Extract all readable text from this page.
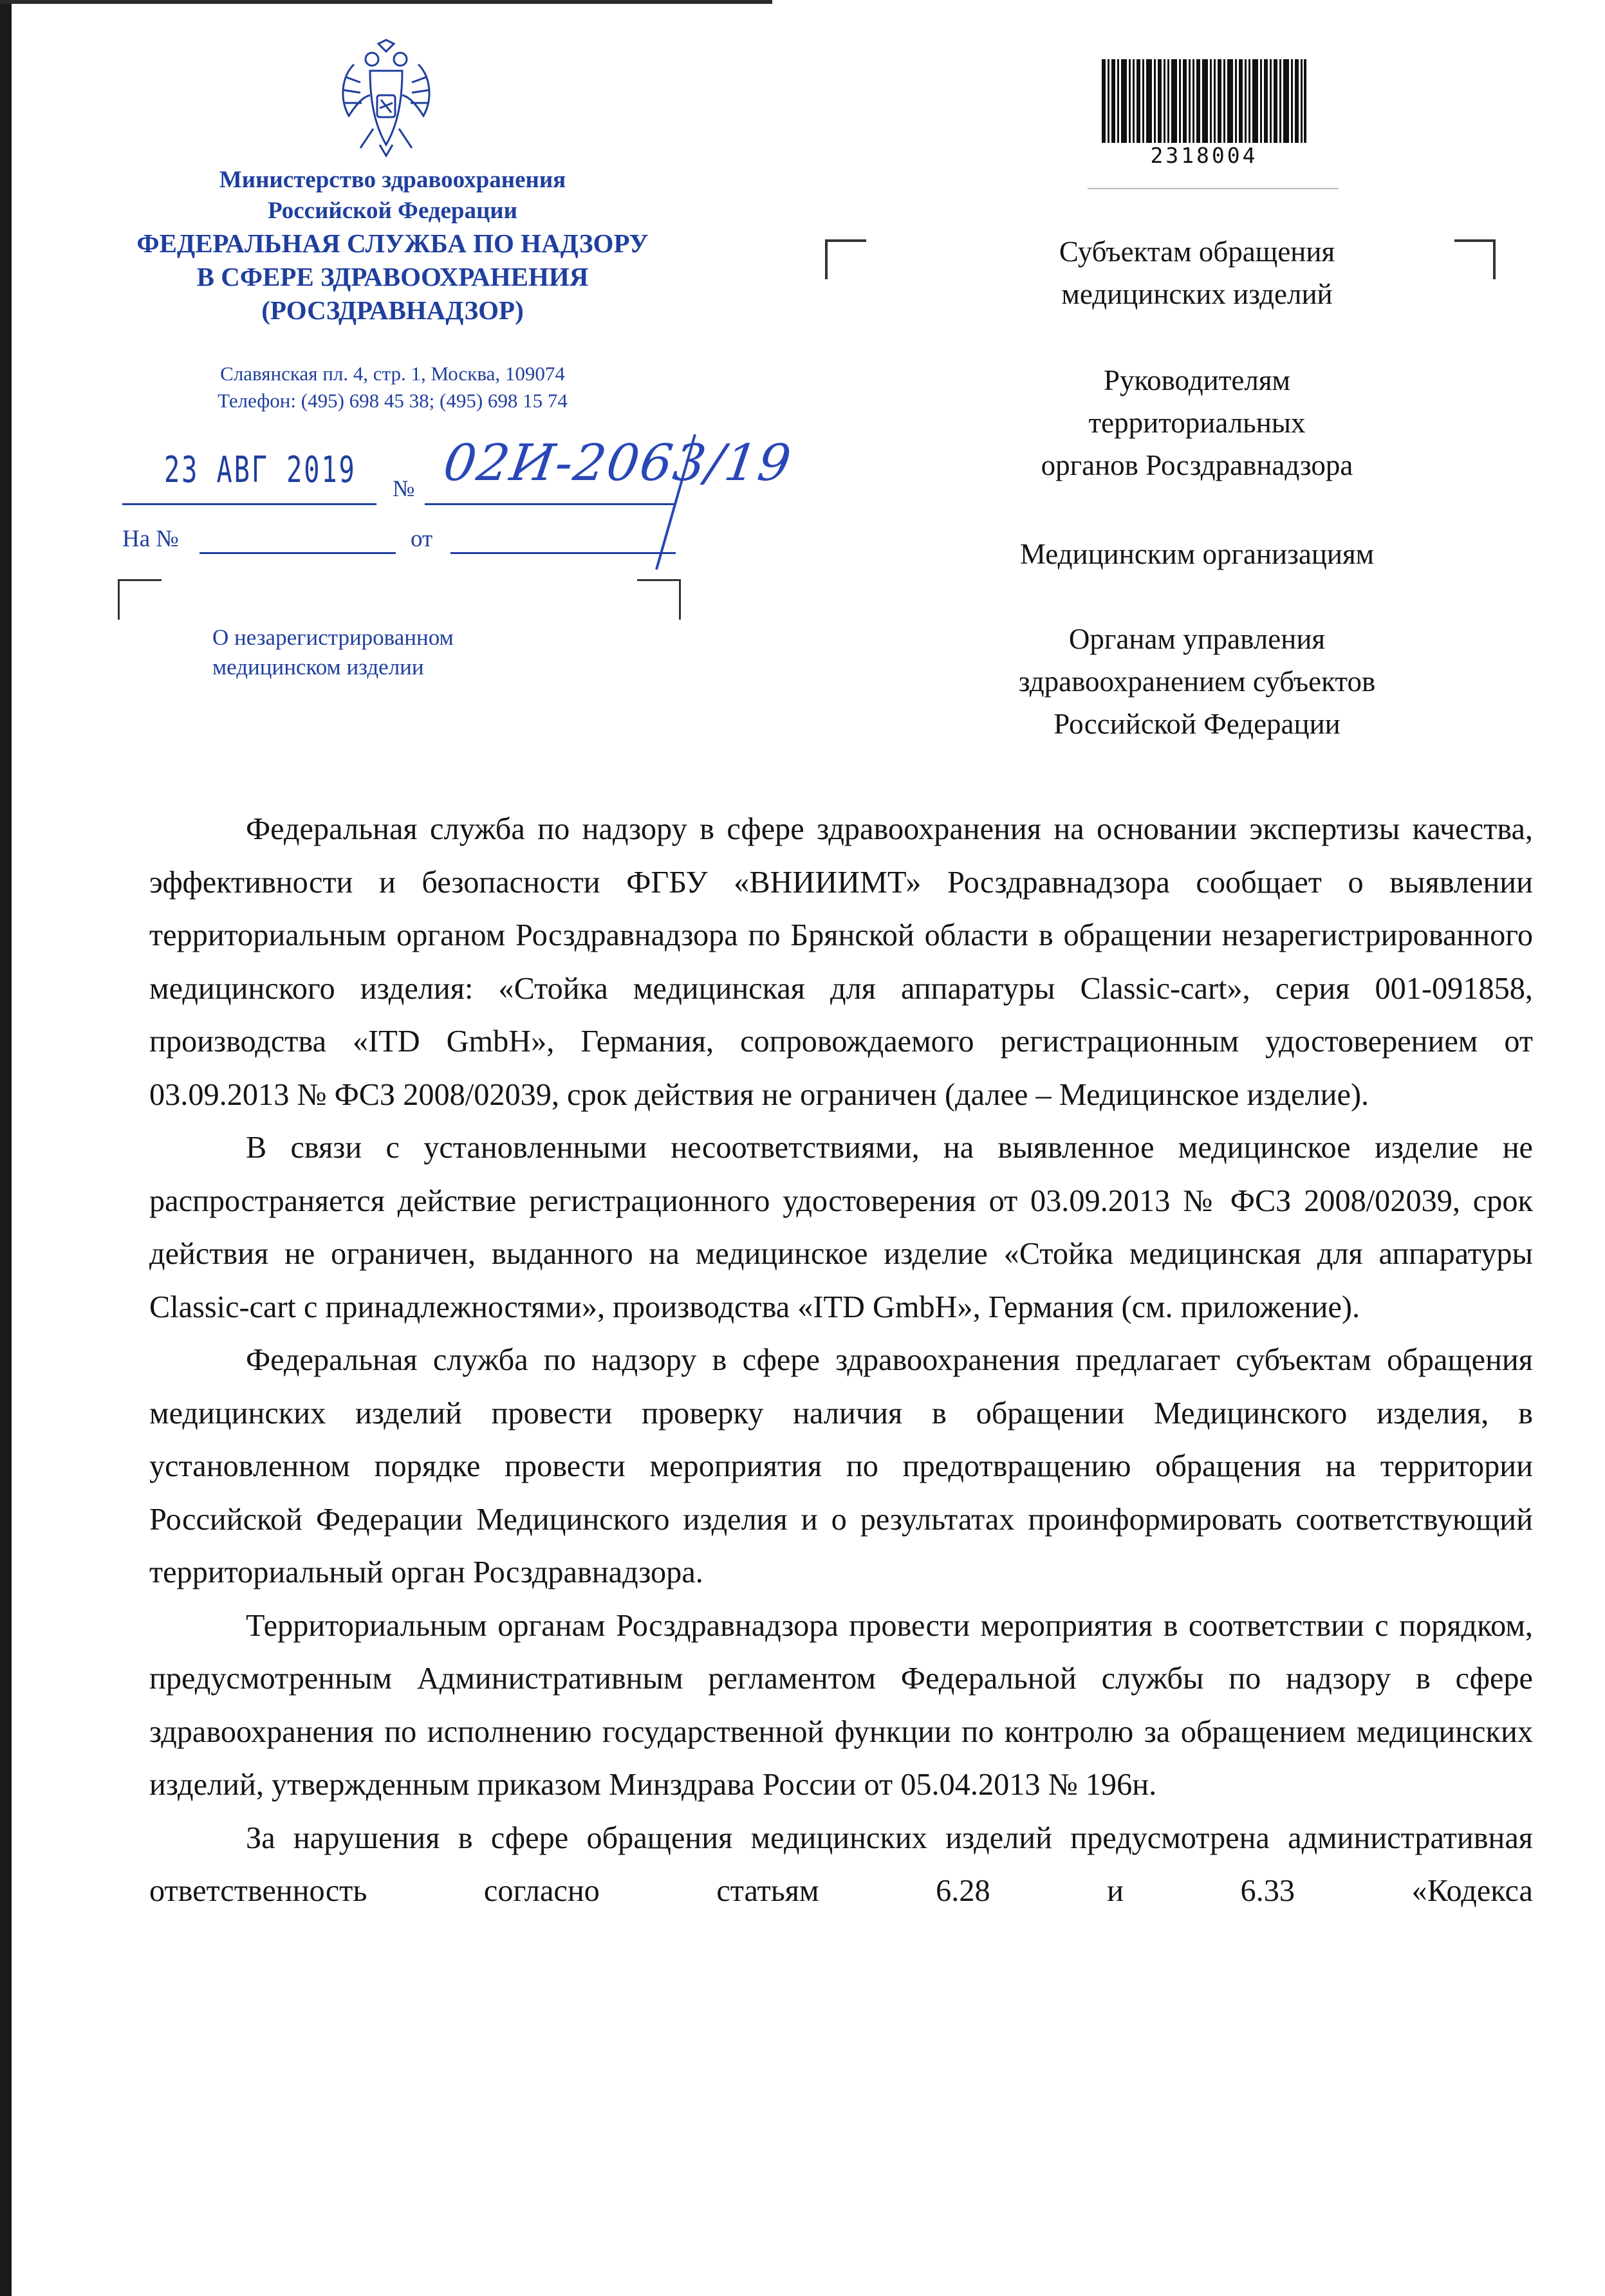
Министерство здравоохранения
Российской Федерации
ФЕДЕРАЛЬНАЯ СЛУЖБА ПО НАДЗОРУ
В СФЕРЕ ЗДРАВООХРАНЕНИЯ
(РОСЗДРАВНАДЗОР)
Славянская пл. 4, стр. 1, Москва, 109074
Телефон: (495) 698 45 38; (495) 698 15 74
23 АВГ 2019 № 02И-2063/19
На №	от
О незарегистрированном
медицинском изделии
2318004
Субъектам обращения
медицинских изделий
Руководителям
территориальных
органов Росздравнадзора
Медицинским организациям
Органам управления
здравоохранением субъектов
Российской Федерации

Федеральная служба по надзору в сфере здравоохранения на основании экспертизы качества, эффективности и безопасности ФГБУ «ВНИИИМТ» Росздравнадзора сообщает о выявлении территориальным органом Росздравнадзора по Брянской области в обращении незарегистрированного медицинского изделия: «Стойка медицинская для аппаратуры Classic-cart», серия 001-091858, производства «ITD GmbH», Германия, сопровождаемого регистрационным удостоверением от 03.09.2013 № ФСЗ 2008/02039, срок действия не ограничен (далее – Медицинское изделие).

В связи с установленными несоответствиями, на выявленное медицинское изделие не распространяется действие регистрационного удостоверения от 03.09.2013 № ФСЗ 2008/02039, срок действия не ограничен, выданного на медицинское изделие «Стойка медицинская для аппаратуры Classic-cart с принадлежностями», производства «ITD GmbH», Германия (см. приложение).

Федеральная служба по надзору в сфере здравоохранения предлагает субъектам обращения медицинских изделий провести проверку наличия в обращении Медицинского изделия, в установленном порядке провести мероприятия по предотвращению обращения на территории Российской Федерации Медицинского изделия и о результатах проинформировать соответствующий территориальный орган Росздравнадзора.

Территориальным органам Росздравнадзора провести мероприятия в соответствии с порядком, предусмотренным Административным регламентом Федеральной службы по надзору в сфере здравоохранения по исполнению государственной функции по контролю за обращением медицинских изделий, утвержденным приказом Минздрава России от 05.04.2013 № 196н.

За нарушения в сфере обращения медицинских изделий предусмотрена административная ответственность согласно статьям 6.28 и 6.33 «Кодекса
